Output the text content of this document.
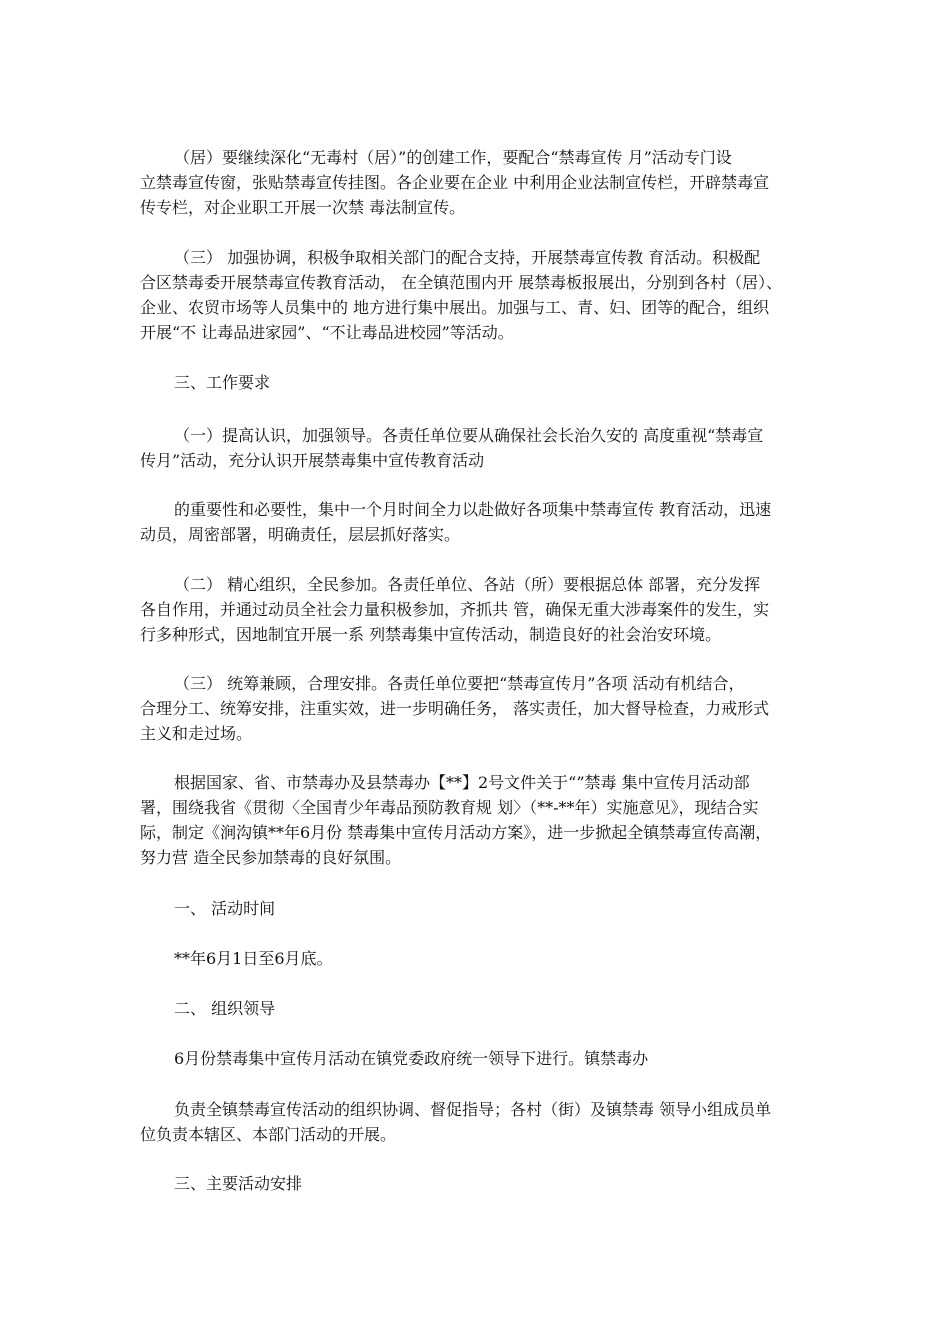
（居）要继续深化“无毒村（居）”的创建工作，要配合“禁毒宣传 月”活动专门设
立禁毒宣传窗，张贴禁毒宣传挂图。各企业要在企业 中利用企业法制宣传栏，开辟禁毒宣
传专栏，对企业职工开展一次禁 毒法制宣传。
（三） 加强协调，积极争取相关部门的配合支持，开展禁毒宣传教 育活动。积极配
合区禁毒委开展禁毒宣传教育活动， 在全镇范围内开 展禁毒板报展出，分别到各村（居）、
企业、农贸市场等人员集中的 地方进行集中展出。加强与工、青、妇、团等的配合，组织
开展“不 让毒品进家园”、“不让毒品进校园”等活动。
三、工作要求
（一）提高认识，加强领导。各责任单位要从确保社会长治久安的 高度重视“禁毒宣
传月”活动，充分认识开展禁毒集中宣传教育活动
的重要性和必要性，集中一个月时间全力以赴做好各项集中禁毒宣传 教育活动，迅速
动员，周密部署，明确责任，层层抓好落实。
（二） 精心组织，全民参加。各责任单位、各站（所）要根据总体 部署，充分发挥
各自作用，并通过动员全社会力量积极参加，齐抓共 管，确保无重大涉毒案件的发生，实
行多种形式，因地制宜开展一系 列禁毒集中宣传活动，制造良好的社会治安环境。
（三） 统筹兼顾，合理安排。各责任单位要把“禁毒宣传月”各项 活动有机结合，
合理分工、统筹安排，注重实效，进一步明确任务， 落实责任，加大督导检查，力戒形式
主义和走过场。
根据国家、省、市禁毒办及县禁毒办【**】2号文件关于“”禁毒 集中宣传月活动部
署，围绕我省《贯彻〈全国青少年毒品预防教育规 划〉（**-**年）实施意见》，现结合实
际，制定《涧沟镇**年6月份 禁毒集中宣传月活动方案》，进一步掀起全镇禁毒宣传高潮，
努力营 造全民参加禁毒的良好氛围。
一、 活动时间
**年6月1日至6月底。
二、 组织领导
6月份禁毒集中宣传月活动在镇党委政府统一领导下进行。镇禁毒办
负责全镇禁毒宣传活动的组织协调、督促指导；各村（街）及镇禁毒 领导小组成员单
位负责本辖区、本部门活动的开展。
三、主要活动安排
